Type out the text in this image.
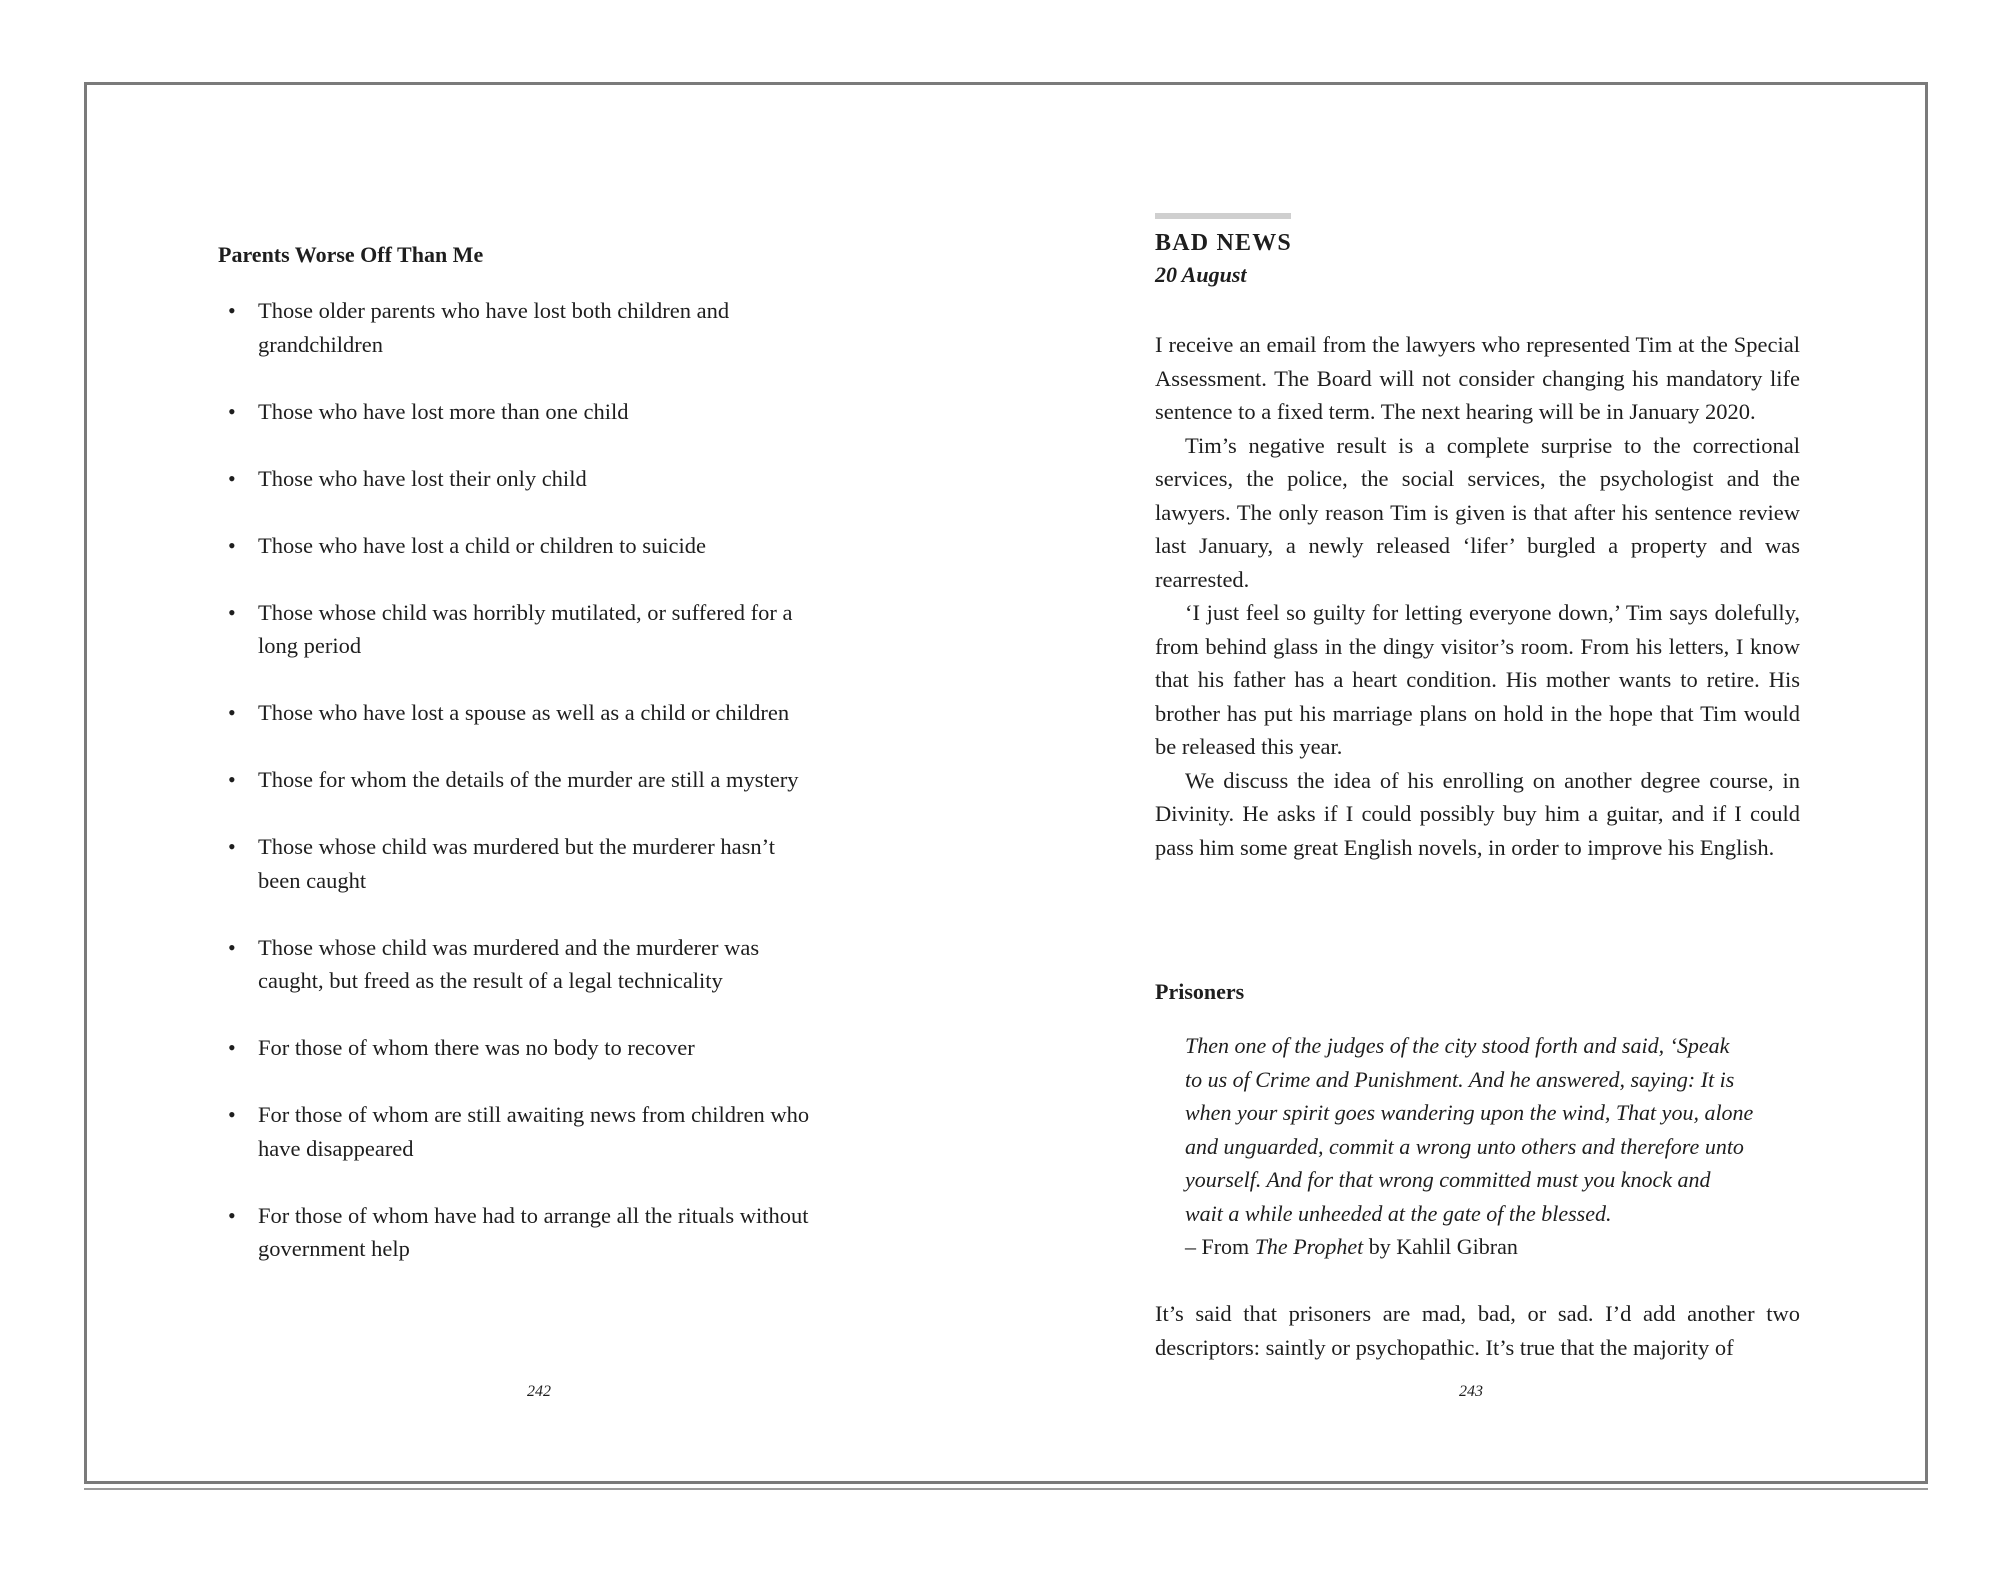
Parents Worse Off Than Me
• Those older parents who have lost both children and grandchildren
• Those who have lost more than one child
• Those who have lost their only child
• Those who have lost a child or children to suicide
• Those whose child was horribly mutilated, or suffered for a long period
• Those who have lost a spouse as well as a child or children
• Those for whom the details of the murder are still a mystery
• Those whose child was murdered but the murderer hasn’t been caught
• Those whose child was murdered and the murderer was caught, but freed as the result of a legal technicality
• For those of whom there was no body to recover
• For those of whom are still awaiting news from children who have disappeared
• For those of whom have had to arrange all the rituals without government help
242
BAD NEWS
20 August

I receive an email from the lawyers who represented Tim at the Special Assessment. The Board will not consider changing his mandatory life sentence to a fixed term. The next hearing will be in January 2020.

Tim’s negative result is a complete surprise to the correctional services, the police, the social services, the psychologist and the lawyers. The only reason Tim is given is that after his sentence review last January, a newly released ‘lifer’ burgled a property and was rearrested.

‘I just feel so guilty for letting everyone down,’ Tim says dolefully, from behind glass in the dingy visitor’s room. From his letters, I know that his father has a heart condition. His mother wants to retire. His brother has put his marriage plans on hold in the hope that Tim would be released this year.

We discuss the idea of his enrolling on another degree course, in Divinity. He asks if I could possibly buy him a guitar, and if I could pass him some great English novels, in order to improve his English.

Prisoners

Then one of the judges of the city stood forth and said, ‘Speak
to us of Crime and Punishment. And he answered, saying: It is
when your spirit goes wandering upon the wind, That you, alone
and unguarded, commit a wrong unto others and therefore unto
yourself. And for that wrong committed must you knock and
wait a while unheeded at the gate of the blessed.

– From The Prophet by Kahlil Gibran

It’s said that prisoners are mad, bad, or sad. I’d add another two descriptors: saintly or psychopathic. It’s true that the majority of

243
